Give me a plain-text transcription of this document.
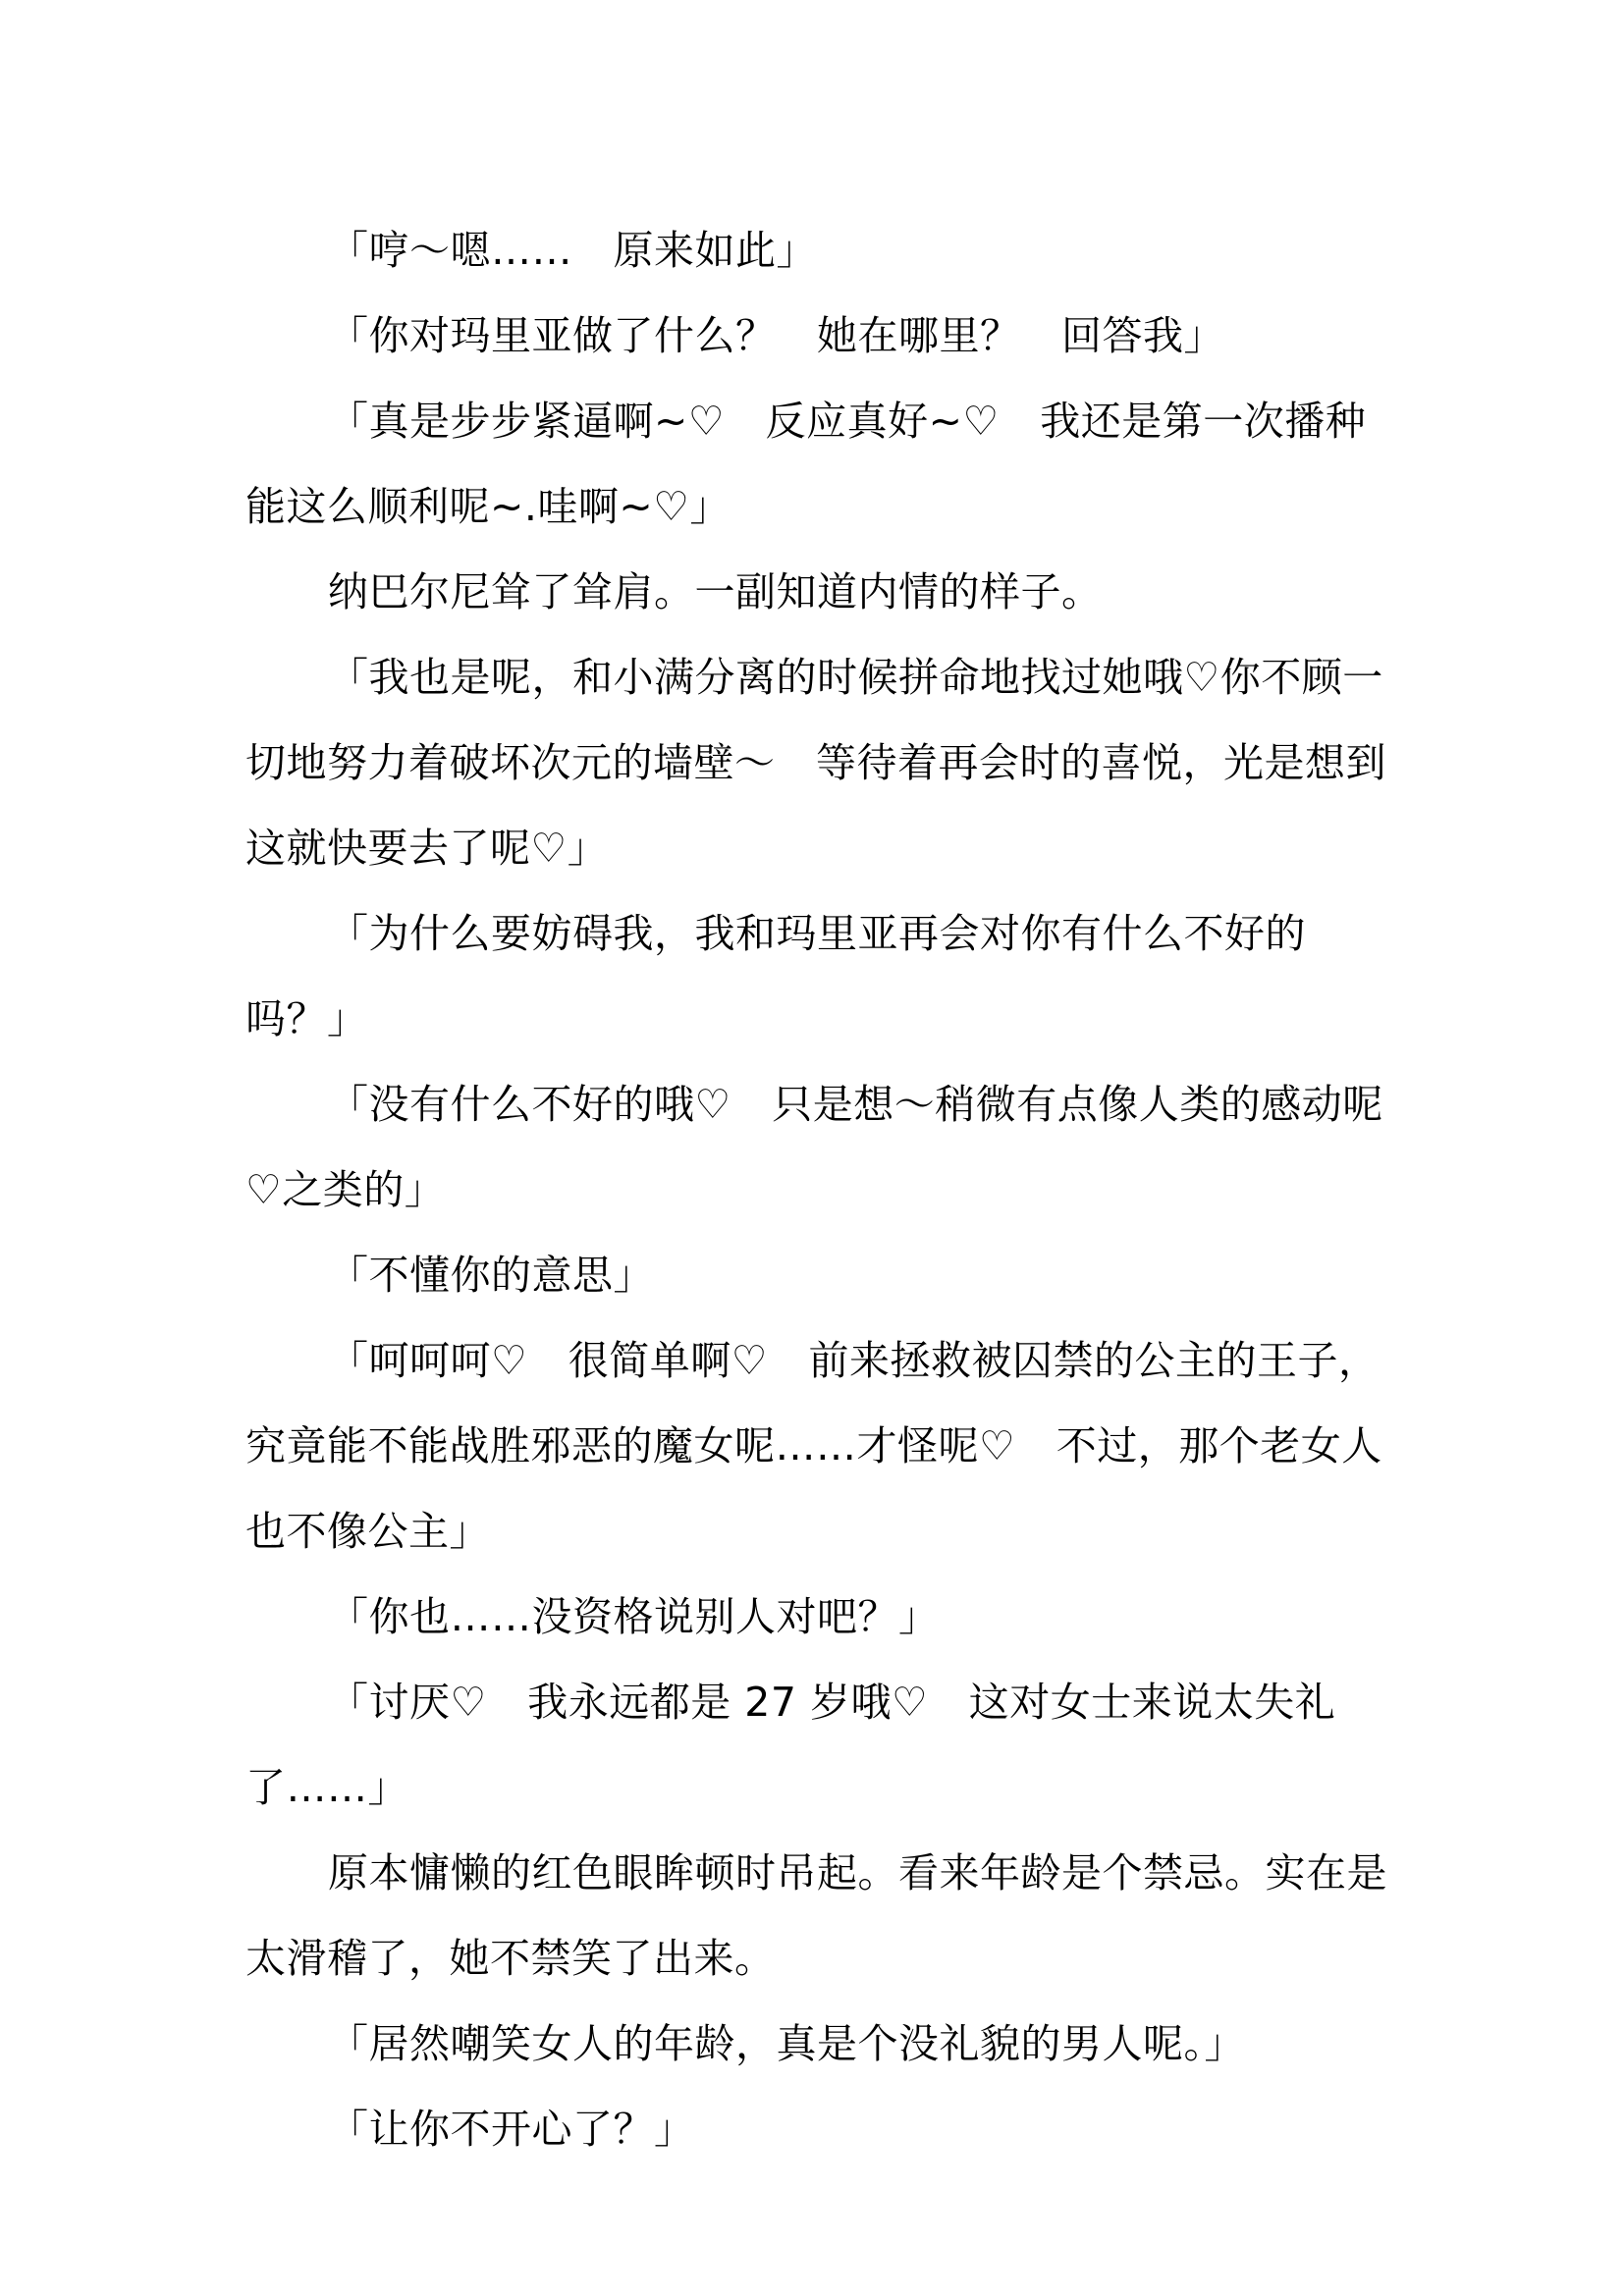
「哼～嗯……　原来如此」

「你对玛里亚做了什么？　她在哪里？　回答我」

「真是步步紧逼啊~♡　反应真好~♡　我还是第一次播种能这么顺利呢~.哇啊~♡」

纳巴尔尼耸了耸肩。一副知道内情的样子。

「我也是呢，和小满分离的时候拼命地找过她哦♡你不顾一切地努力着破坏次元的墙壁～　等待着再会时的喜悦，光是想到这就快要去了呢♡」

「为什么要妨碍我，我和玛里亚再会对你有什么不好的吗？」

「没有什么不好的哦♡　只是想～稍微有点像人类的感动呢♡之类的」

「不懂你的意思」

「呵呵呵♡　很简单啊♡　前来拯救被囚禁的公主的王子，究竟能不能战胜邪恶的魔女呢……才怪呢♡　不过，那个老女人也不像公主」

「你也……没资格说别人对吧？」

「讨厌♡　我永远都是 27 岁哦♡　这对女士来说太失礼了……」

原本慵懒的红色眼眸顿时吊起。看来年龄是个禁忌。实在是太滑稽了，她不禁笑了出来。

「居然嘲笑女人的年龄，真是个没礼貌的男人呢。」

「让你不开心了？」
